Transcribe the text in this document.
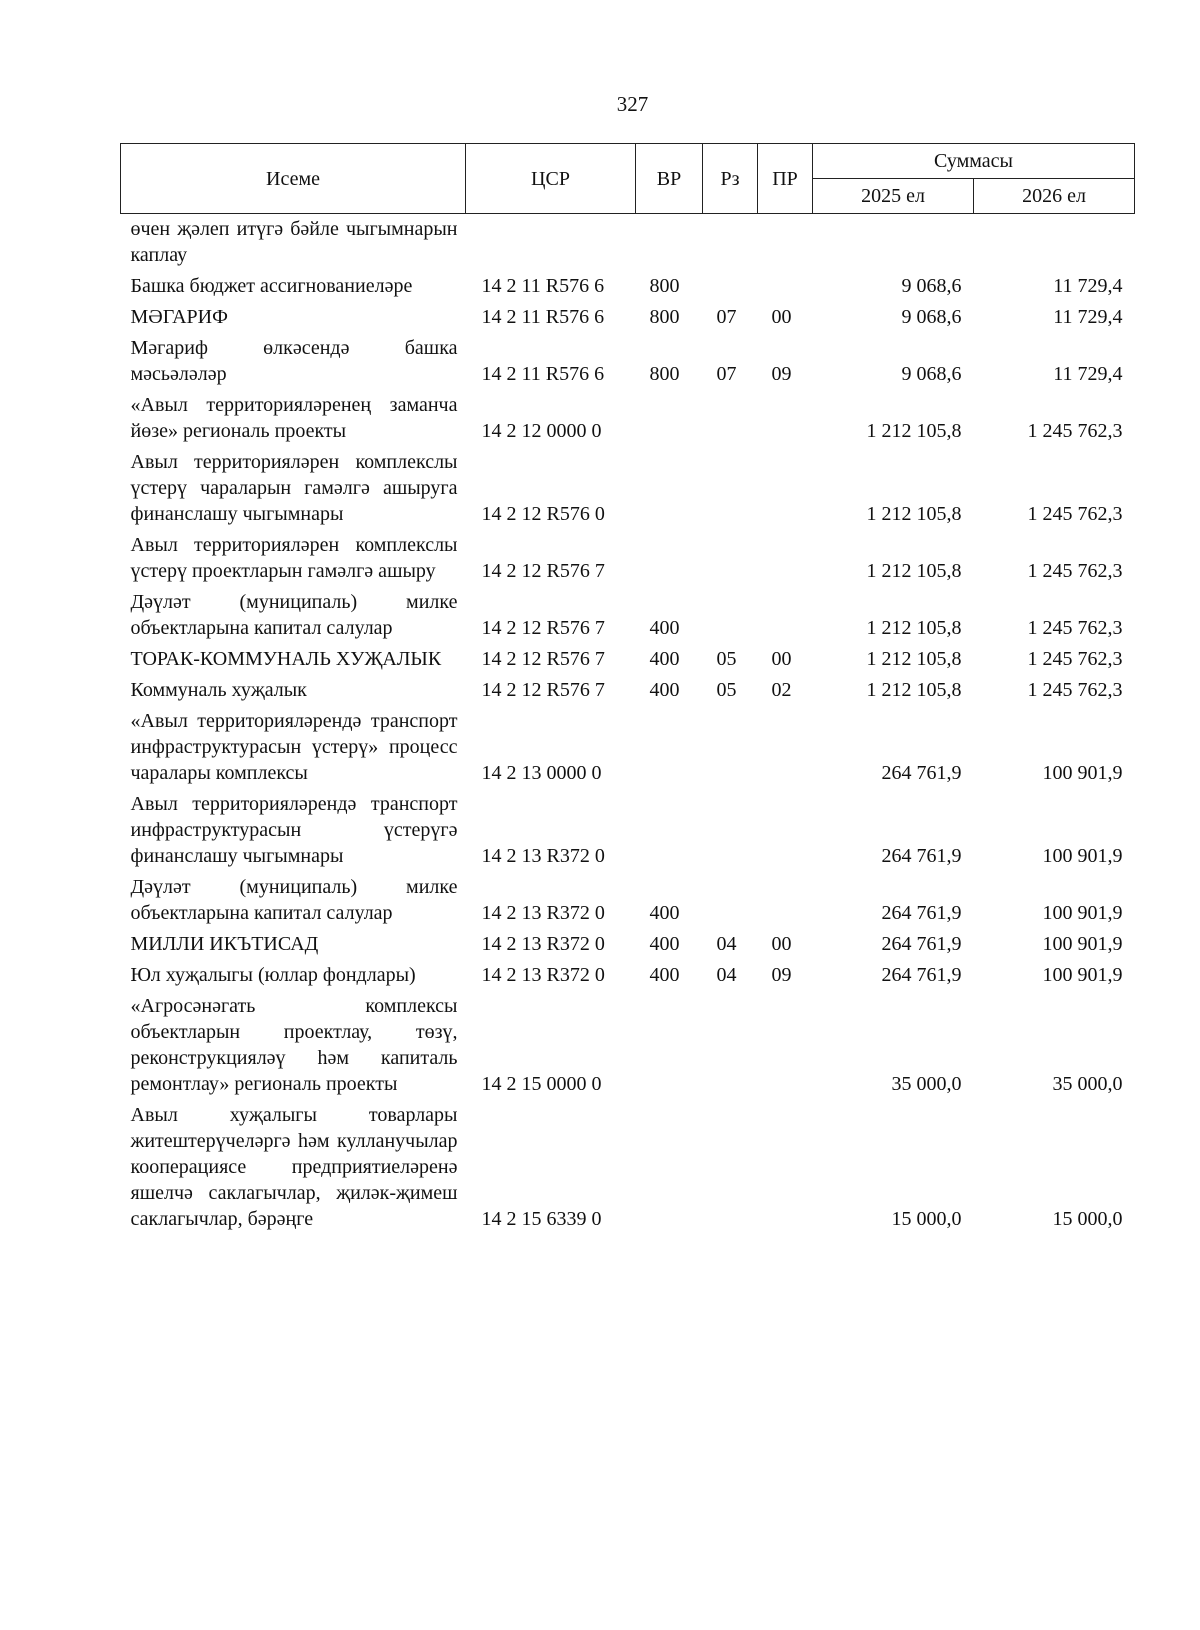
327
Исеме	ЦСР	ВР	Рз	ПР	Суммасы	
					2025 ел	2026 ел
өчен җәлеп итүгә бәйле чыгымнарын каплау						
Башка бюджет ассигнованиеләре	14 2 11 R576 6	800			9 068,6	11 729,4
МӘГАРИФ	14 2 11 R576 6	800	07	00	9 068,6	11 729,4
Мәгариф өлкәсендә башка мәсьәләләр	14 2 11 R576 6	800	07	09	9 068,6	11 729,4
«Авыл территорияләренең заманча йөзе» региональ проекты	14 2 12 0000 0				1 212 105,8	1 245 762,3
Авыл территорияләрен комплекслы үстерү чараларын гамәлгә ашыруга финанслашу чыгымнары	14 2 12 R576 0				1 212 105,8	1 245 762,3
Авыл территорияләрен комплекслы үстерү проектларын гамәлгә ашыру	14 2 12 R576 7				1 212 105,8	1 245 762,3
Дәүләт (муниципаль) милке объектларына капитал салулар	14 2 12 R576 7	400			1 212 105,8	1 245 762,3
ТОРАК-КОММУНАЛЬ ХУҖАЛЫК	14 2 12 R576 7	400	05	00	1 212 105,8	1 245 762,3
Коммуналь хуҗалык	14 2 12 R576 7	400	05	02	1 212 105,8	1 245 762,3
«Авыл территорияләрендә транспорт инфраструктурасын үстерү» процесс чаралары комплексы	14 2 13 0000 0				264 761,9	100 901,9
Авыл территорияләрендә транспорт инфраструктурасын үстерүгә финанслашу чыгымнары	14 2 13 R372 0				264 761,9	100 901,9
Дәүләт (муниципаль) милке объектларына капитал салулар	14 2 13 R372 0	400			264 761,9	100 901,9
МИЛЛИ ИКЪТИСАД	14 2 13 R372 0	400	04	00	264 761,9	100 901,9
Юл хуҗалыгы (юллар фондлары)	14 2 13 R372 0	400	04	09	264 761,9	100 901,9
«Агросәнәгать комплексы объектларын проектлау, төзү, реконструкцияләү һәм капиталь ремонтлау» региональ проекты	14 2 15 0000 0				35 000,0	35 000,0
Авыл хуҗалыгы товарлары житештерүчеләргә һәм кулланучылар кооперациясе предприятиеләренә яшелчә саклагычлар, җиләк-җимеш саклагычлар, бәрәңге	14 2 15 6339 0				15 000,0	15 000,0
